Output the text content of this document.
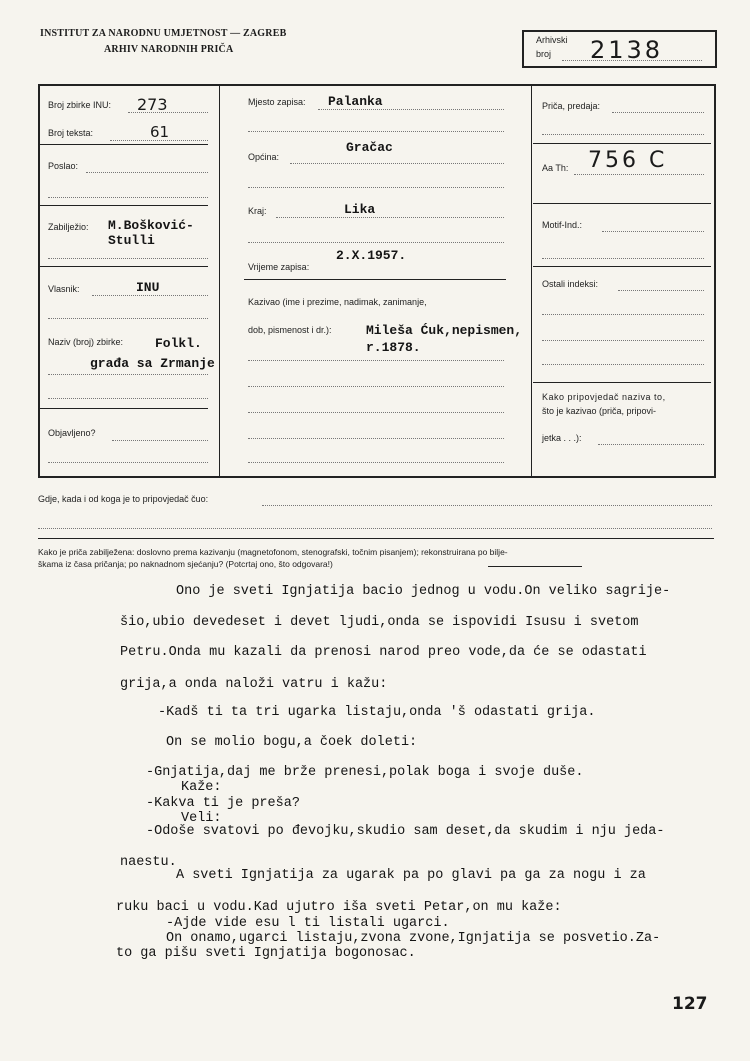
INSTITUT ZA NARODNU UMJETNOST — ZAGREB
ARHIV NARODNIH PRIČA
Arhivski
broj 2138
Broj zbirke INU: 273
Broj teksta:	61
Poslao:
Zabilježio: M.Bošković-
Stulli
Vlasnik:	INU
Naziv (broj) zbirke: Folkl.
građa sa Zrmanje
Objavljeno?
Mjesto zapisa: Palanka
Općina:
Gračac
Kraj:	Lika
Vrijeme zapisa:
2.X.1957.
Kazivao (ime i prezime, nadimak, zanimanje,
dob, pismenost i dr.):	Mileša Ćuk,nepismen,
r.1878.
Priča, predaja:
Aa Th: 756 C
Motif-Ind.:
Ostali indeksi:
Kako pripovjedač naziva to,
što je kazivao (priča, pripovi-
jetka . . .):
Gdje, kada i od koga je to pripovjedač čuo:
Kako je priča zabilježena: doslovno prema kazivanju (magnetofonom, stenografski, točnim pisanjem); rekonstruirana po bilje-
škama iz časa pričanja; po naknadnom sjećanju? (Potcrtaj ono, što odgovara!)
Ono je sveti Ignjatija bacio jednog u vodu.On veliko sagrije-
šio,ubio devedeset i devet ljudi,onda se ispovidi Isusu i svetom
Petru.Onda mu kazali da prenosi narod preo vode,da će se odastati
grija,a onda naloži vatru i kažu:
-Kadš ti ta tri ugarka listaju,onda 'š odastati grija.
On se molio bogu,a čoek doleti:
-Gnjatija,daj me brže prenesi,polak boga i svoje duše.
Kaže:
-Kakva ti je preša?
Veli:
-Odoše svatovi po đevojku,skudio sam deset,da skudim i nju jeda-
naestu.
A sveti Ignjatija za ugarak pa po glavi pa ga za nogu i za
ruku baci u vodu.Kad ujutro iša sveti Petar,on mu kaže:
-Ajde vide esu l ti listali ugarci.
On onamo,ugarci listaju,zvona zvone,Ignjatija se posvetio.Za-
to ga pišu sveti Ignjatija bogonosac.
127
